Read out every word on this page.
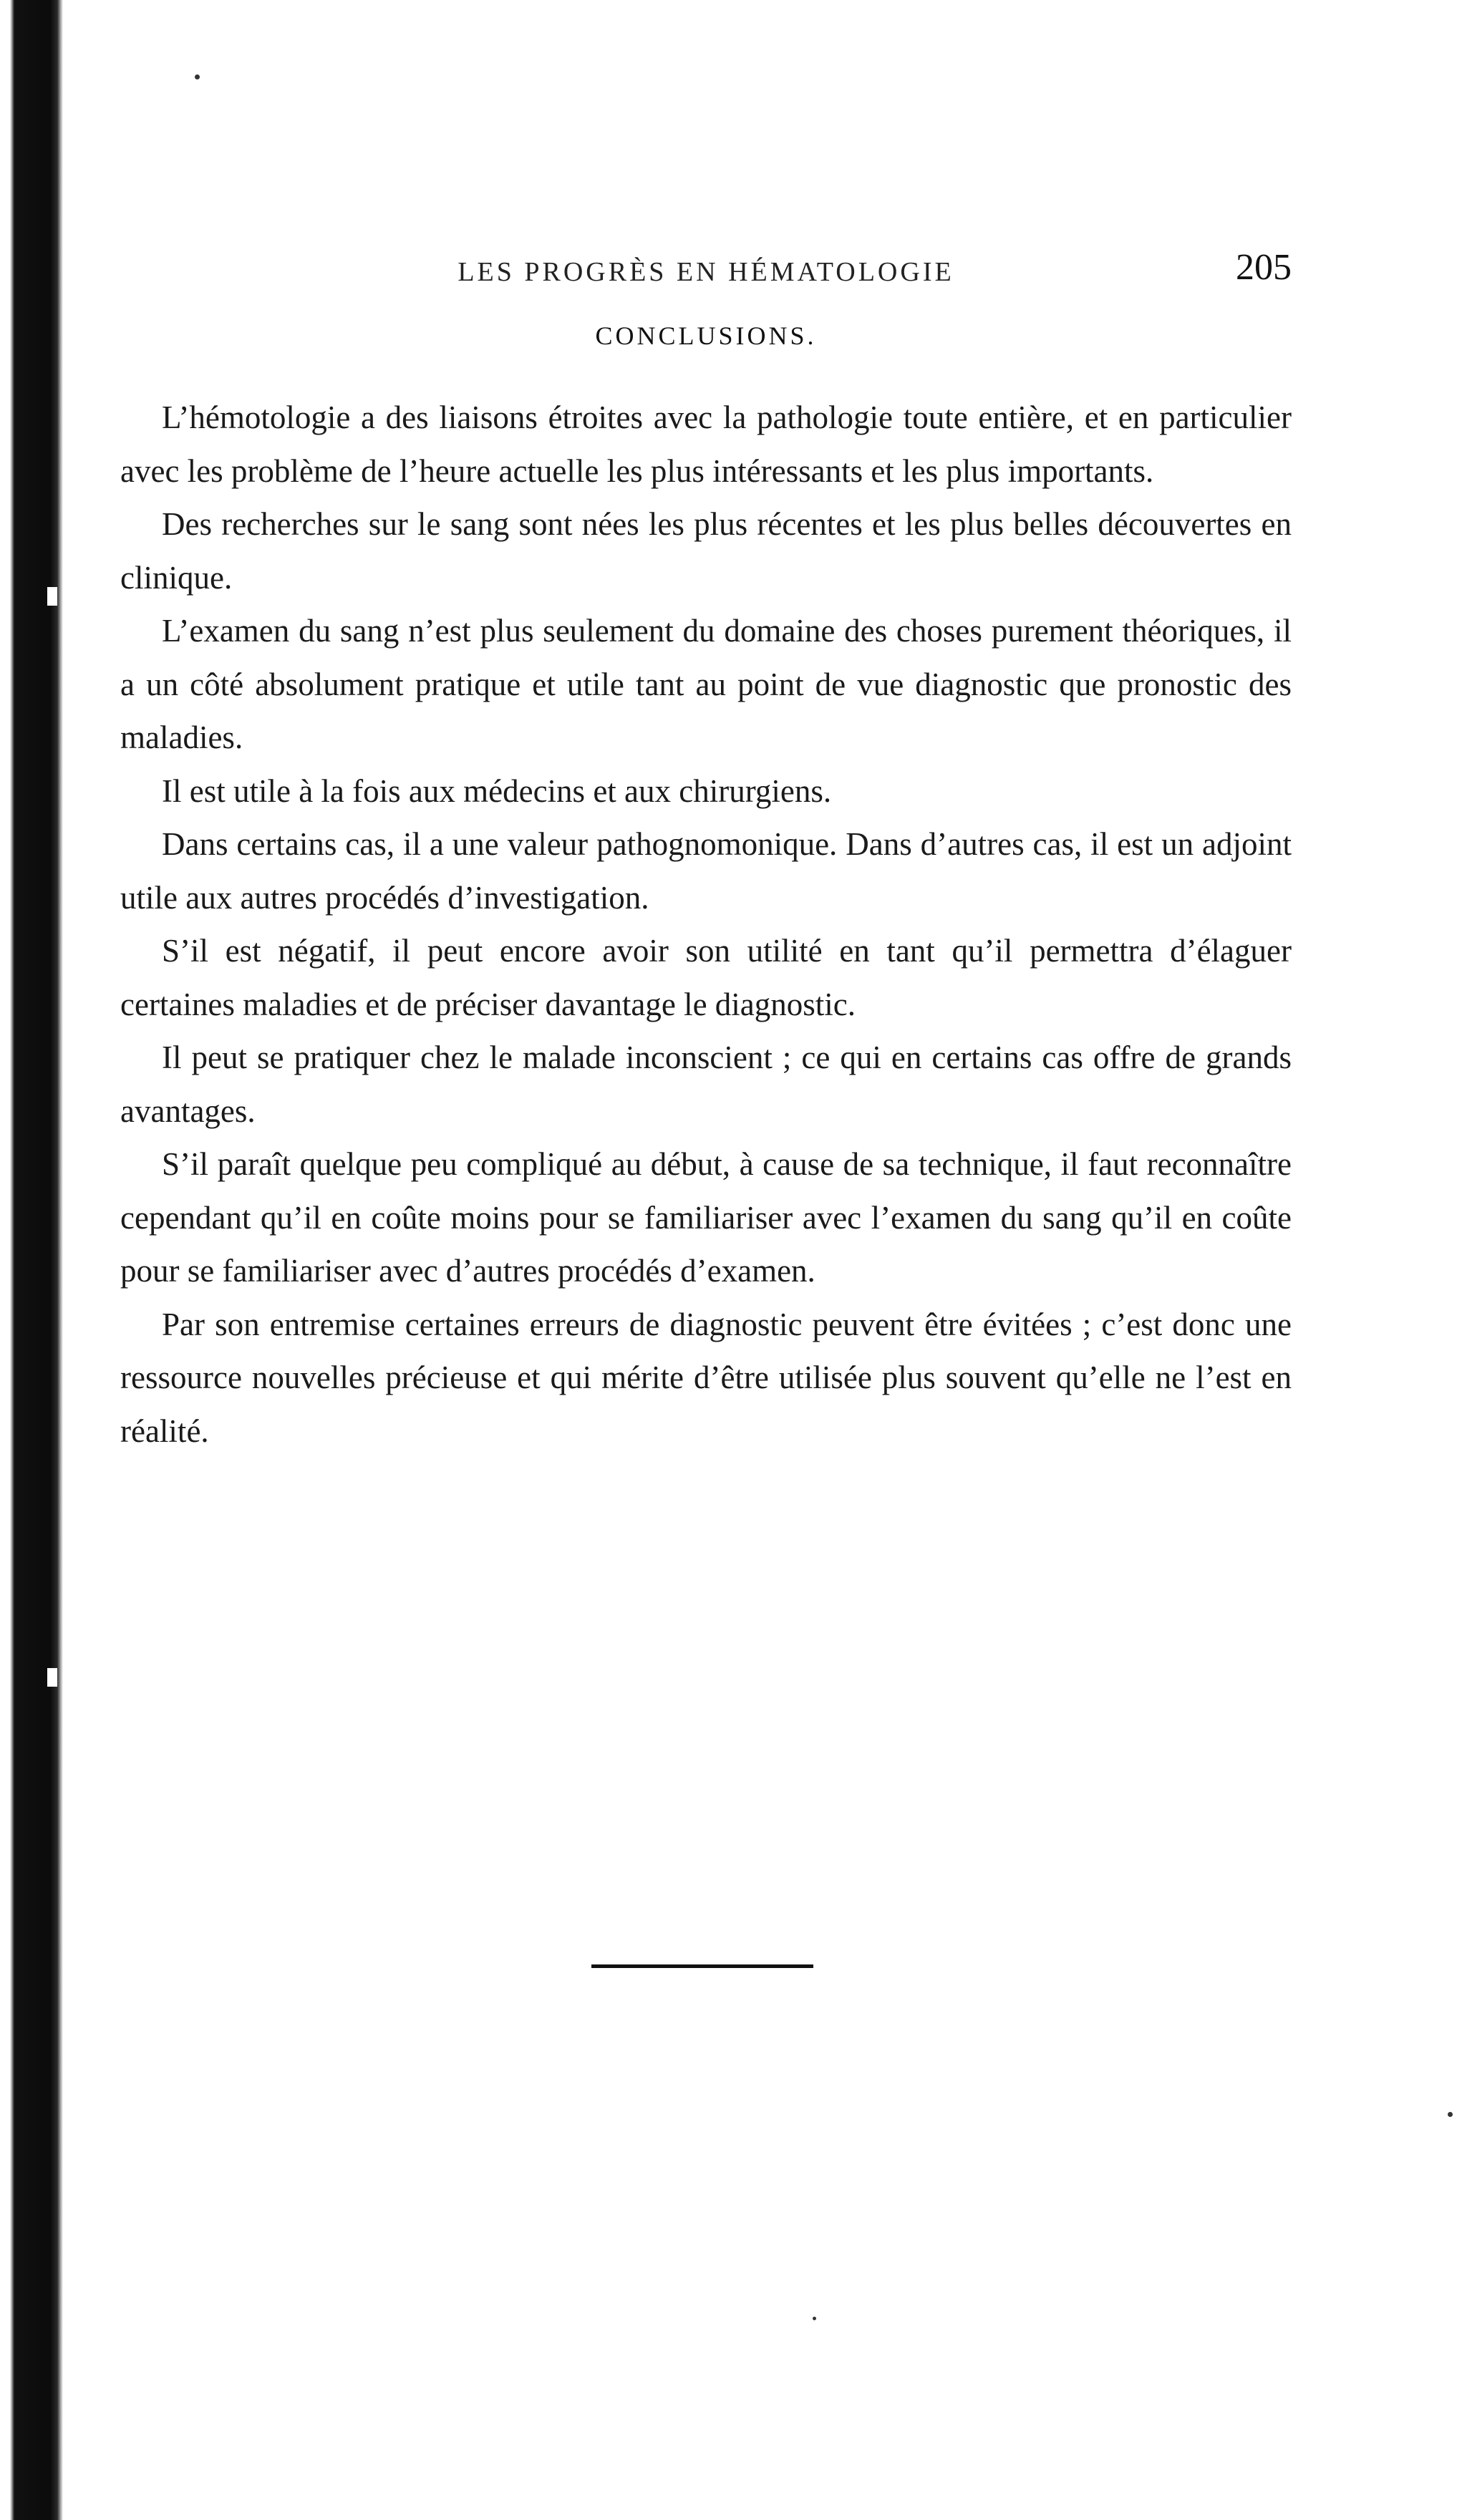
LES PROGRÈS EN HÉMATOLOGIE	205
CONCLUSIONS.

L’hémotologie a des liaisons étroites avec la pathologie toute entière, et en particulier avec les problème de l’heure actuelle les plus intéressants et les plus importants.

Des recherches sur le sang sont nées les plus récentes et les plus belles découvertes en clinique.

L’examen du sang n’est plus seulement du domaine des choses purement théoriques, il a un côté absolument pratique et utile tant au point de vue diagnostic que pronostic des maladies.

Il est utile à la fois aux médecins et aux chirurgiens.

Dans certains cas, il a une valeur pathognomonique. Dans d’autres cas, il est un adjoint utile aux autres procédés d’investigation.

S’il est négatif, il peut encore avoir son utilité en tant qu’il permettra d’élaguer certaines maladies et de préciser davantage le diagnostic.

Il peut se pratiquer chez le malade inconscient ; ce qui en certains cas offre de grands avantages.

S’il paraît quelque peu compliqué au début, à cause de sa technique, il faut reconnaître cependant qu’il en coûte moins pour se familiariser avec l’examen du sang qu’il en coûte pour se familiariser avec d’autres procédés d’examen.

Par son entremise certaines erreurs de diagnostic peuvent être évitées ; c’est donc une ressource nouvelles précieuse et qui mérite d’être utilisée plus souvent qu’elle ne l’est en réalité.
